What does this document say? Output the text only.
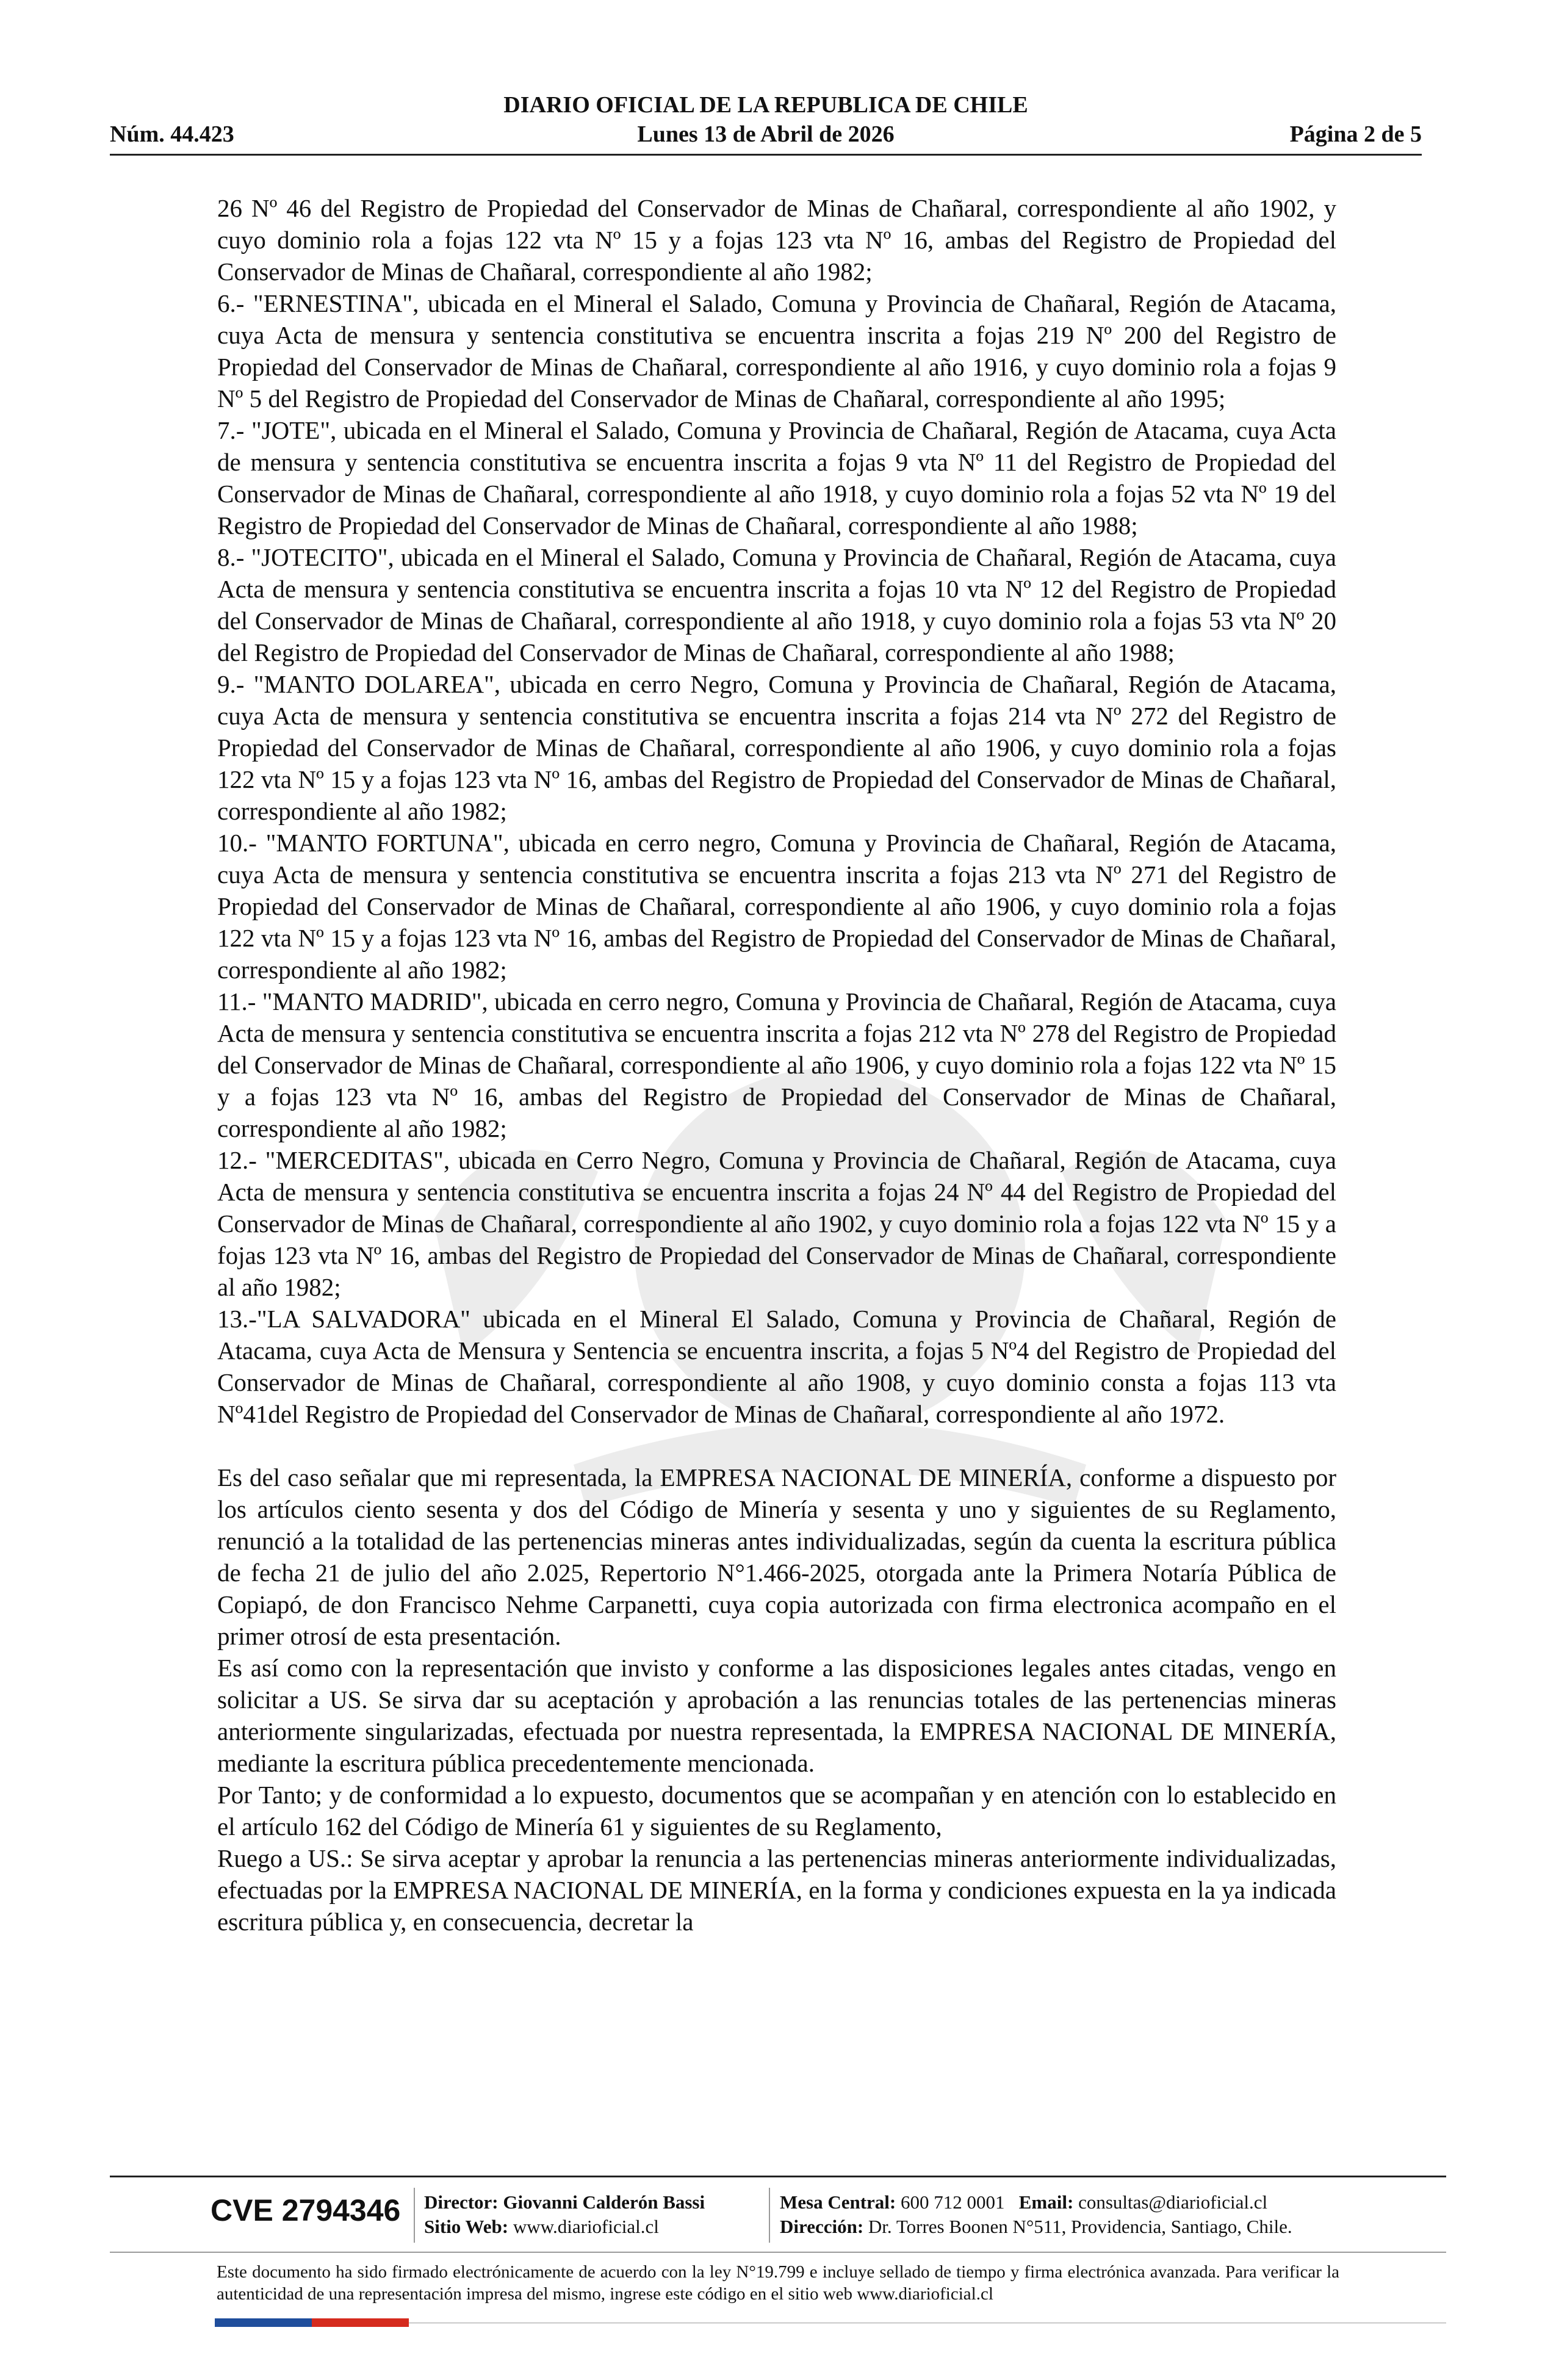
DIARIO OFICIAL DE LA REPUBLICA DE CHILE
Núm. 44.423	Lunes 13 de Abril de 2026	Página 2 de 5

26 Nº 46 del Registro de Propiedad del Conservador de Minas de Chañaral, correspondiente al año 1902, y cuyo dominio rola a fojas 122 vta Nº 15 y a fojas 123 vta Nº 16, ambas del Registro de Propiedad del Conservador de Minas de Chañaral, correspondiente al año 1982;

6.- "ERNESTINA", ubicada en el Mineral el Salado, Comuna y Provincia de Chañaral, Región de Atacama, cuya Acta de mensura y sentencia constitutiva se encuentra inscrita a fojas 219 Nº 200 del Registro de Propiedad del Conservador de Minas de Chañaral, correspondiente al año 1916, y cuyo dominio rola a fojas 9 Nº 5 del Registro de Propiedad del Conservador de Minas de Chañaral, correspondiente al año 1995;

7.- "JOTE", ubicada en el Mineral el Salado, Comuna y Provincia de Chañaral, Región de Atacama, cuya Acta de mensura y sentencia constitutiva se encuentra inscrita a fojas 9 vta Nº 11 del Registro de Propiedad del Conservador de Minas de Chañaral, correspondiente al año 1918, y cuyo dominio rola a fojas 52 vta Nº 19 del Registro de Propiedad del Conservador de Minas de Chañaral, correspondiente al año 1988;

8.- "JOTECITO", ubicada en el Mineral el Salado, Comuna y Provincia de Chañaral, Región de Atacama, cuya Acta de mensura y sentencia constitutiva se encuentra inscrita a fojas 10 vta Nº 12 del Registro de Propiedad del Conservador de Minas de Chañaral, correspondiente al año 1918, y cuyo dominio rola a fojas 53 vta Nº 20 del Registro de Propiedad del Conservador de Minas de Chañaral, correspondiente al año 1988;

9.- "MANTO DOLAREA", ubicada en cerro Negro, Comuna y Provincia de Chañaral, Región de Atacama, cuya Acta de mensura y sentencia constitutiva se encuentra inscrita a fojas 214 vta Nº 272 del Registro de Propiedad del Conservador de Minas de Chañaral, correspondiente al año 1906, y cuyo dominio rola a fojas 122 vta Nº 15 y a fojas 123 vta Nº 16, ambas del Registro de Propiedad del Conservador de Minas de Chañaral, correspondiente al año 1982;

10.- "MANTO FORTUNA", ubicada en cerro negro, Comuna y Provincia de Chañaral, Región de Atacama, cuya Acta de mensura y sentencia constitutiva se encuentra inscrita a fojas 213 vta Nº 271 del Registro de Propiedad del Conservador de Minas de Chañaral, correspondiente al año 1906, y cuyo dominio rola a fojas 122 vta Nº 15 y a fojas 123 vta Nº 16, ambas del Registro de Propiedad del Conservador de Minas de Chañaral, correspondiente al año 1982;

11.- "MANTO MADRID", ubicada en cerro negro, Comuna y Provincia de Chañaral, Región de Atacama, cuya Acta de mensura y sentencia constitutiva se encuentra inscrita a fojas 212 vta Nº 278 del Registro de Propiedad del Conservador de Minas de Chañaral, correspondiente al año 1906, y cuyo dominio rola a fojas 122 vta Nº 15 y a fojas 123 vta Nº 16, ambas del Registro de Propiedad del Conservador de Minas de Chañaral, correspondiente al año 1982;

12.- "MERCEDITAS", ubicada en Cerro Negro, Comuna y Provincia de Chañaral, Región de Atacama, cuya Acta de mensura y sentencia constitutiva se encuentra inscrita a fojas 24 Nº 44 del Registro de Propiedad del Conservador de Minas de Chañaral, correspondiente al año 1902, y cuyo dominio rola a fojas 122 vta Nº 15 y a fojas 123 vta Nº 16, ambas del Registro de Propiedad del Conservador de Minas de Chañaral, correspondiente al año 1982;

13.-"LA SALVADORA" ubicada en el Mineral El Salado, Comuna y Provincia de Chañaral, Región de Atacama, cuya Acta de Mensura y Sentencia se encuentra inscrita, a fojas 5 Nº4 del Registro de Propiedad del Conservador de Minas de Chañaral, correspondiente al año 1908, y cuyo dominio consta a fojas 113 vta Nº41del Registro de Propiedad del Conservador de Minas de Chañaral, correspondiente al año 1972.

Es del caso señalar que mi representada, la EMPRESA NACIONAL DE MINERÍA, conforme a dispuesto por los artículos ciento sesenta y dos del Código de Minería y sesenta y uno y siguientes de su Reglamento, renunció a la totalidad de las pertenencias mineras antes individualizadas, según da cuenta la escritura pública de fecha 21 de julio del año 2.025, Repertorio N°1.466-2025, otorgada ante la Primera Notaría Pública de Copiapó, de don Francisco Nehme Carpanetti, cuya copia autorizada con firma electronica acompaño en el primer otrosí de esta presentación.

Es así como con la representación que invisto y conforme a las disposiciones legales antes citadas, vengo en solicitar a US. Se sirva dar su aceptación y aprobación a las renuncias totales de las pertenencias mineras anteriormente singularizadas, efectuada por nuestra representada, la EMPRESA NACIONAL DE MINERÍA, mediante la escritura pública precedentemente mencionada.

Por Tanto; y de conformidad a lo expuesto, documentos que se acompañan y en atención con lo establecido en el artículo 162 del Código de Minería 61 y siguientes de su Reglamento,

Ruego a US.: Se sirva aceptar y aprobar la renuncia a las pertenencias mineras anteriormente individualizadas, efectuadas por la EMPRESA NACIONAL DE MINERÍA, en la forma y condiciones expuesta en la ya indicada escritura pública y, en consecuencia, decretar la

CVE 2794346 Director: Giovanni Calderón Bassi
Sitio Web: www.diarioficial.cl
Mesa Central: 600 712 0001 Email: consultas@diarioficial.cl
Dirección: Dr. Torres Boonen N°511, Providencia, Santiago, Chile.
Este documento ha sido firmado electrónicamente de acuerdo con la ley N°19.799 e incluye sellado de tiempo y firma electrónica avanzada. Para verificar la autenticidad de una representación impresa del mismo, ingrese este código en el sitio web www.diarioficial.cl
